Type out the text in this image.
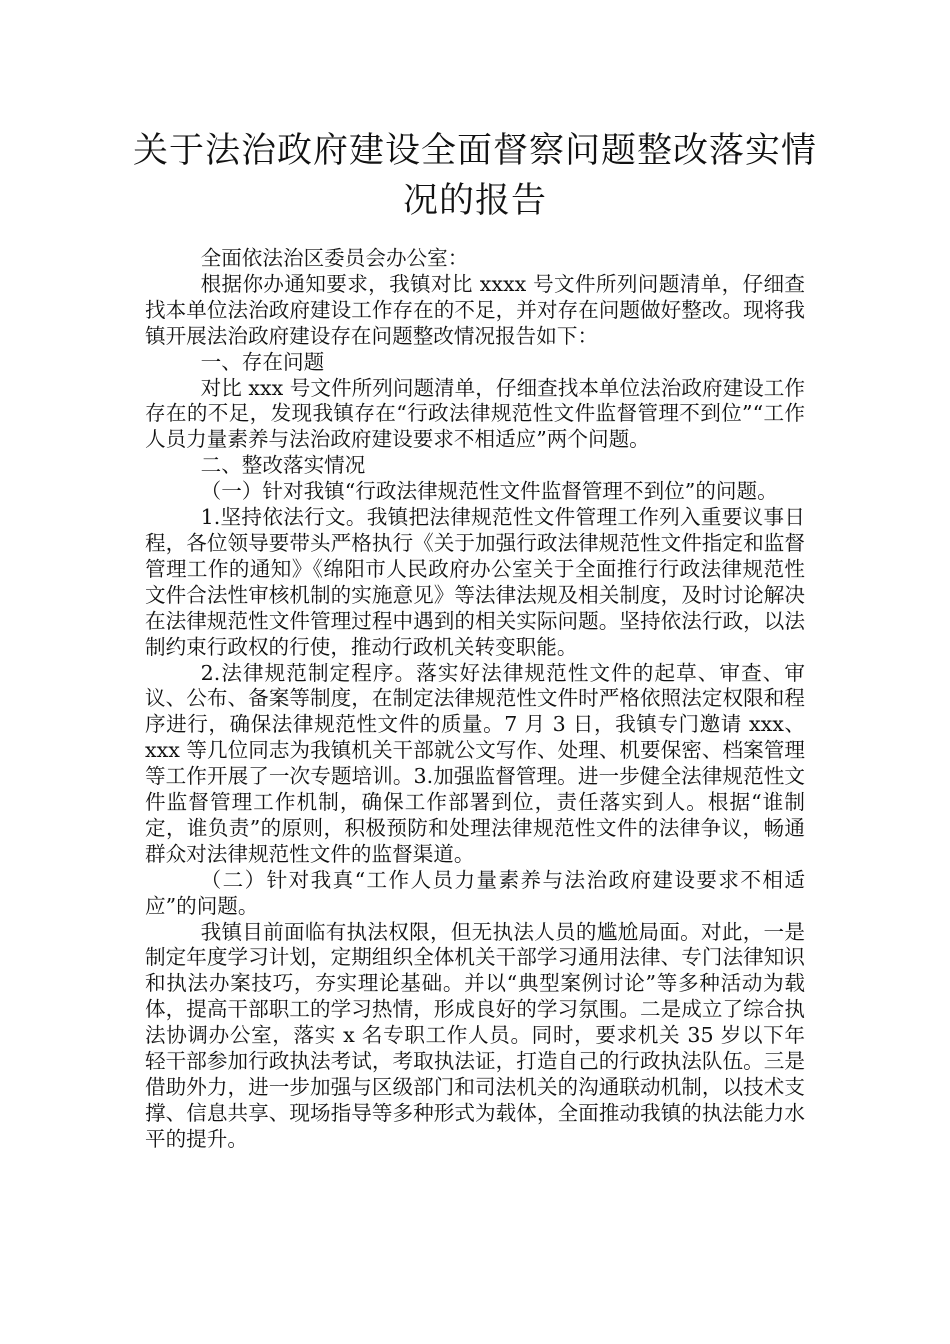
关于法治政府建设全面督察问题整改落实情况的报告

全面依法治区委员会办公室：

根据你办通知要求，我镇对比 xxxx 号文件所列问题清单，仔细查找本单位法治政府建设工作存在的不足，并对存在问题做好整改。现将我镇开展法治政府建设存在问题整改情况报告如下：

一、存在问题

对比 xxx 号文件所列问题清单，仔细查找本单位法治政府建设工作存在的不足，发现我镇存在“行政法律规范性文件监督管理不到位”“工作人员力量素养与法治政府建设要求不相适应”两个问题。

二、整改落实情况

（一）针对我镇“行政法律规范性文件监督管理不到位”的问题。

1.坚持依法行文。我镇把法律规范性文件管理工作列入重要议事日程，各位领导要带头严格执行《关于加强行政法律规范性文件指定和监督管理工作的通知》《绵阳市人民政府办公室关于全面推行行政法律规范性文件合法性审核机制的实施意见》等法律法规及相关制度，及时讨论解决在法律规范性文件管理过程中遇到的相关实际问题。坚持依法行政，以法制约束行政权的行使，推动行政机关转变职能。

2.法律规范制定程序。落实好法律规范性文件的起草、审查、审议、公布、备案等制度，在制定法律规范性文件时严格依照法定权限和程序进行，确保法律规范性文件的质量。7 月 3 日，我镇专门邀请 xxx、xxx 等几位同志为我镇机关干部就公文写作、处理、机要保密、档案管理等工作开展了一次专题培训。3.加强监督管理。进一步健全法律规范性文件监督管理工作机制，确保工作部署到位，责任落实到人。根据“谁制定，谁负责”的原则，积极预防和处理法律规范性文件的法律争议，畅通群众对法律规范性文件的监督渠道。

（二）针对我真“工作人员力量素养与法治政府建设要求不相适应”的问题。

我镇目前面临有执法权限，但无执法人员的尴尬局面。对此，一是制定年度学习计划，定期组织全体机关干部学习通用法律、专门法律知识和执法办案技巧，夯实理论基础。并以“典型案例讨论”等多种活动为载体，提高干部职工的学习热情，形成良好的学习氛围。二是成立了综合执法协调办公室，落实 x 名专职工作人员。同时，要求机关 35 岁以下年轻干部参加行政执法考试，考取执法证，打造自己的行政执法队伍。三是借助外力，进一步加强与区级部门和司法机关的沟通联动机制，以技术支撑、信息共享、现场指导等多种形式为载体，全面推动我镇的执法能力水平的提升。
